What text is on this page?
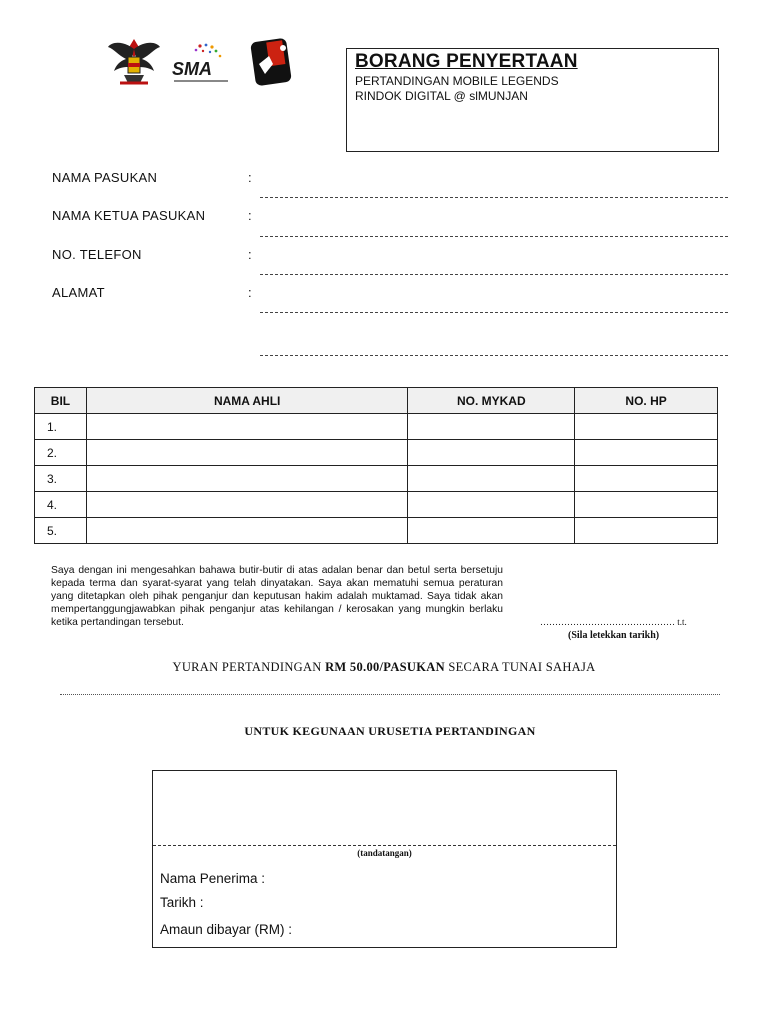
SMA	BORANG PENYERTAAN
PERTANDINGAN MOBILE LEGENDS
RINDOK DIGITAL @ slMUNJAN
NAMA PASUKAN	:
NAMA KETUA PASUKAN	:
NO. TELEFON	:
ALAMAT	:
BIL	NAMA AHLI	NO. MYKAD	NO. HP
1.			
2.			
3.			
4.			
5.			
Saya dengan ini mengesahkan bahawa butir-butir di atas adalan benar dan betul serta bersetuju kepada terma dan syarat-syarat yang telah dinyatakan. Saya akan mematuhi semua peraturan yang ditetapkan oleh pihak penganjur dan keputusan hakim adalah muktamad. Saya tidak akan mempertanggungjawabkan pihak penganjur atas kehilangan / kerosakan yang mungkin berlaku ketika pertandingan tersebut.	……………………………………… t.t.
(Sila letekkan tarikh)
YURAN PERTANDINGAN RM 50.00/PASUKAN SECARA TUNAI SAHAJA
UNTUK KEGUNAAN URUSETIA PERTANDINGAN
(tandatangan)
Nama Penerima :
Tarikh :
Amaun dibayar (RM) :
